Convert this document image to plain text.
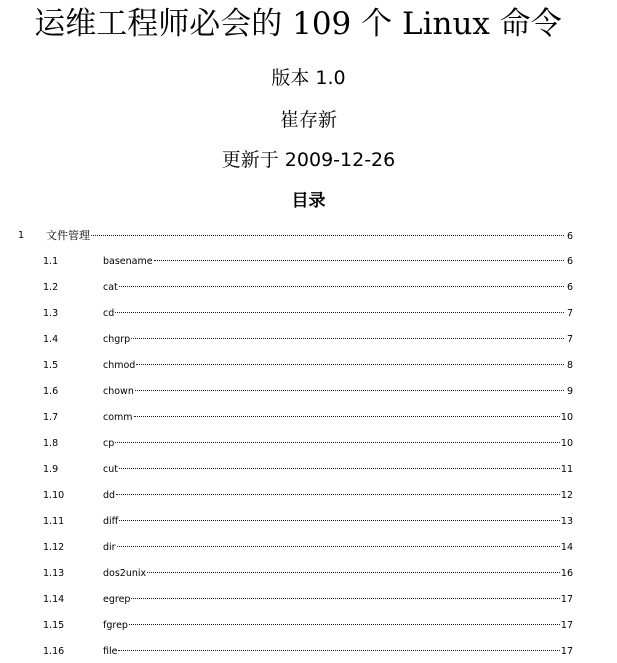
运维工程师必会的 109 个 Linux 命令
版本 1.0
崔存新
更新于 2009-12-26
目录
1 文件管理	6
1.1	basename	6
1.2	cat	6
1.3	cd	7
1.4	chgrp	7
1.5	chmod	8
1.6	chown	9
1.7	comm	10
1.8	cp	10
1.9	cut	11
1.10	dd	12
1.11	diff	13
1.12	dir	14
1.13	dos2unix	16
1.14	egrep	17
1.15	fgrep	17
1.16	file	17
